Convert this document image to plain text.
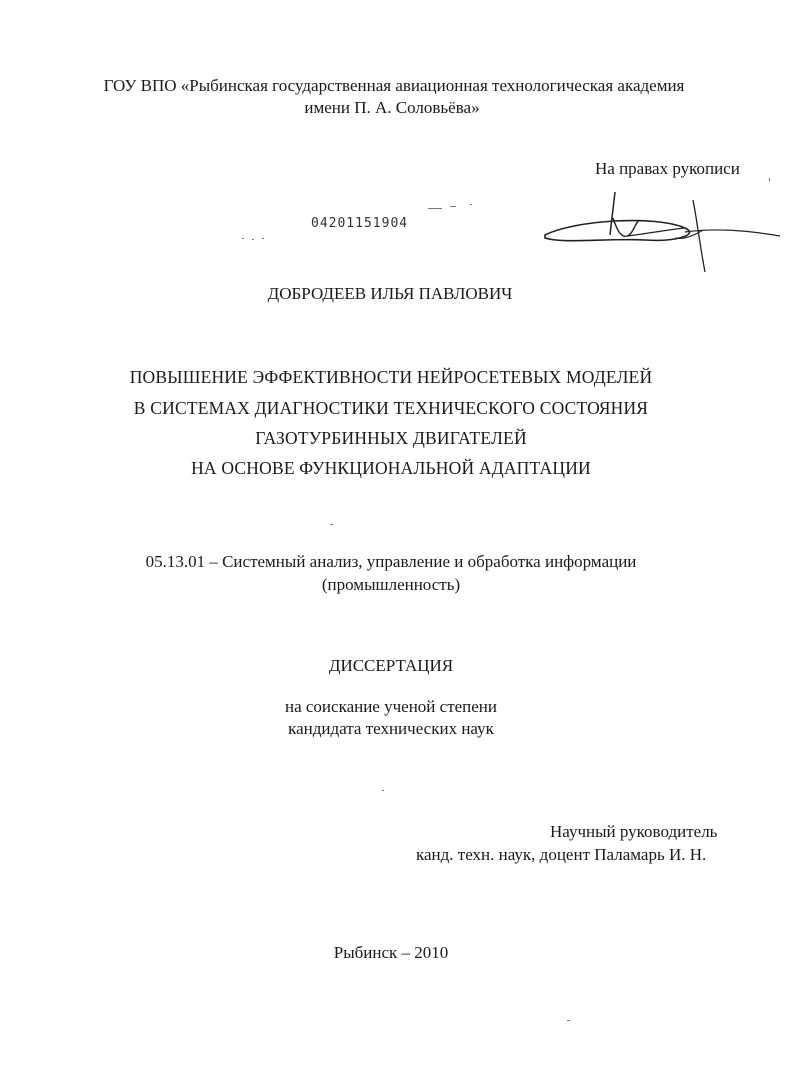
ГОУ ВПО «Рыбинская государственная авиационная технологическая академия
имени П. А. Соловьёва»
На правах рукописи
04201151904
ДОБРОДЕЕВ ИЛЬЯ ПАВЛОВИЧ
ПОВЫШЕНИЕ ЭФФЕКТИВНОСТИ НЕЙРОСЕТЕВЫХ МОДЕЛЕЙ
В СИСТЕМАХ ДИАГНОСТИКИ ТЕХНИЧЕСКОГО СОСТОЯНИЯ
ГАЗОТУРБИННЫХ ДВИГАТЕЛЕЙ
НА ОСНОВЕ ФУНКЦИОНАЛЬНОЙ АДАПТАЦИИ
05.13.01 – Системный анализ, управление и обработка информации
(промышленность)
ДИССЕРТАЦИЯ
на соискание ученой степени
кандидата технических наук
Научный руководитель
канд. техн. наук, доцент Паламарь И. Н.
Рыбинск – 2010
